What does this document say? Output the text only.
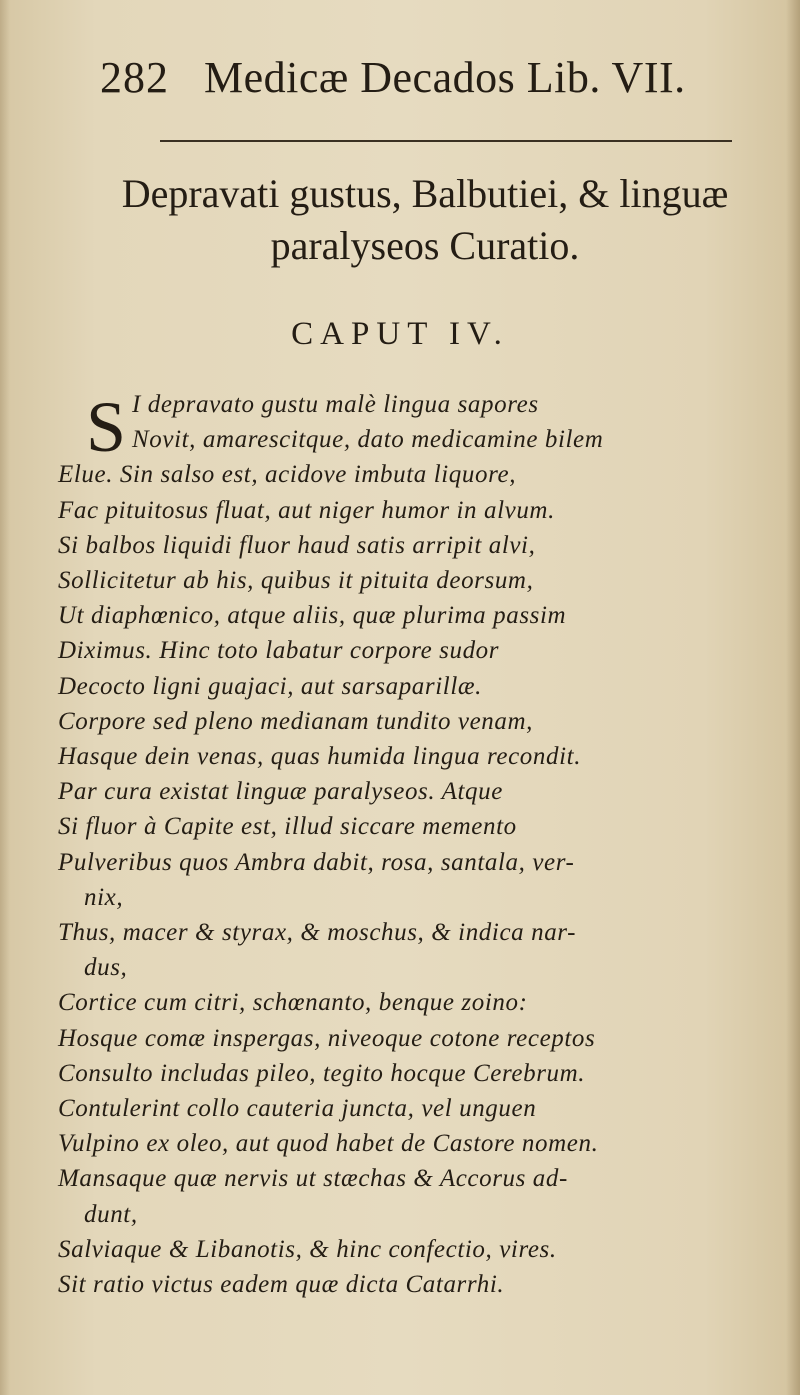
282 Medicæ Decados Lib. VII.
Depravati gustus, Balbutiei, & linguæ
paralyseos Curatio.
CAPUT IV.
S I depravato gustu malè lingua sapores
Novit, amarescitque, dato medicamine bilem
Elue. Sin salso est, acidove imbuta liquore,
Fac pituitosus fluat, aut niger humor in alvum.
Si balbos liquidi fluor haud satis arripit alvi,
Sollicitetur ab his, quibus it pituita deorsum,
Ut diaphœnico, atque aliis, quæ plurima passim
Diximus. Hinc toto labatur corpore sudor
Decocto ligni guajaci, aut sarsaparillæ.
Corpore sed pleno medianam tundito venam,
Hasque dein venas, quas humida lingua recondit.
Par cura existat linguæ paralyseos. Atque
Si fluor à Capite est, illud siccare memento
Pulveribus quos Ambra dabit, rosa, santala, ver-
nix,
Thus, macer & styrax, & moschus, & indica nar-
dus,
Cortice cum citri, schœnanto, benque zoino:
Hosque comæ inspergas, niveoque cotone receptos
Consulto includas pileo, tegito hocque Cerebrum.
Contulerint collo cauteria juncta, vel unguen
Vulpino ex oleo, aut quod habet de Castore nomen.
Mansaque quæ nervis ut stæchas & Accorus ad-
dunt,
Salviaque & Libanotis, & hinc confectio, vires.
Sit ratio victus eadem quæ dicta Catarrhi.
